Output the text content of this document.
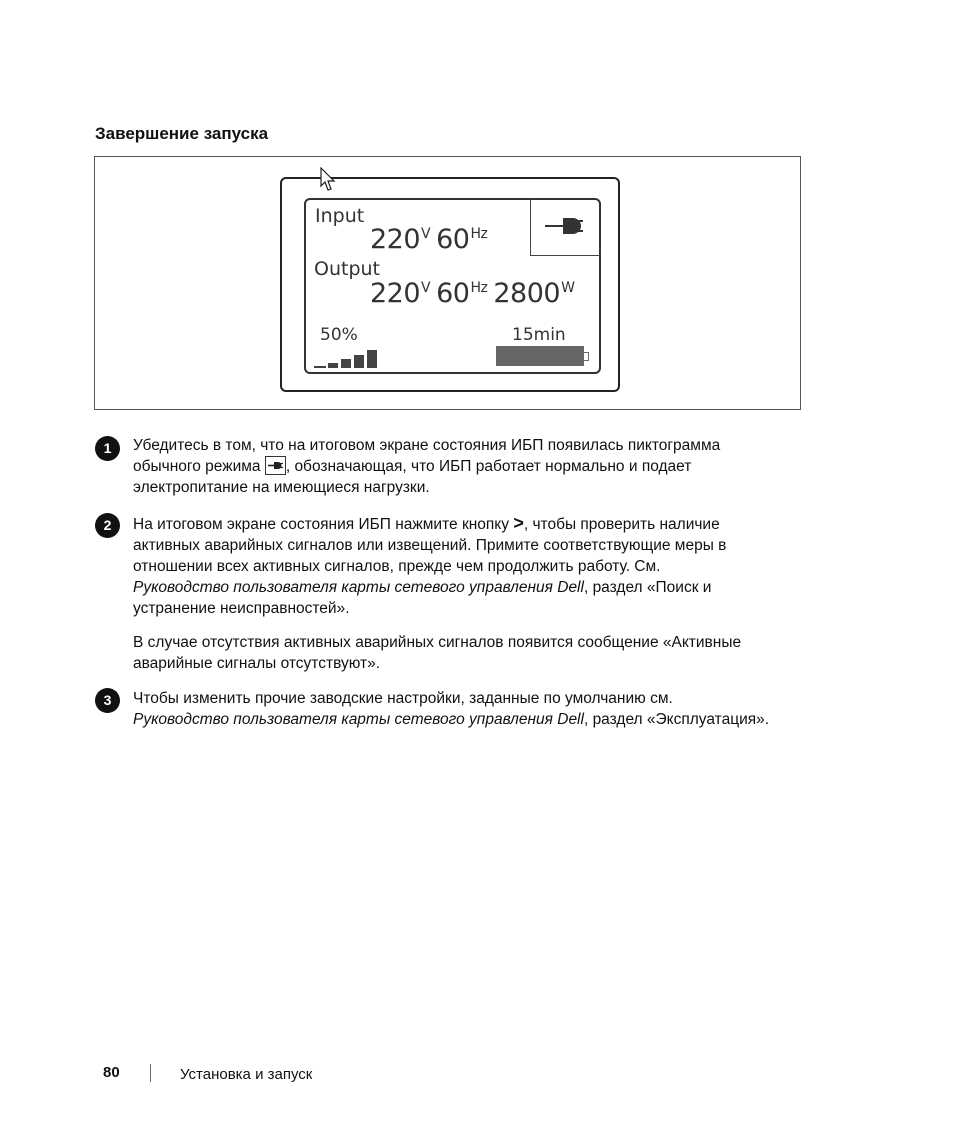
Завершение запуска
Input
$220^V$ $60^{Hz}$
Output
$220^V$ $60^{Hz}$ $2800^W$
50%	15min
1	Убедитесь в том, что на итоговом экране состояния ИБП появилась пиктограмма
обычного режима , обозначающая, что ИБП работает нормально и подает
электропитание на имеющиеся нагрузки.

2	На итоговом экране состояния ИБП нажмите кнопку >, чтобы проверить наличие
активных аварийных сигналов или извещений. Примите соответствующие меры в
отношении всех активных сигналов, прежде чем продолжить работу. См.
Руководство пользователя карты сетевого управления Dell, раздел «Поиск и
устранение неисправностей».

В случае отсутствия активных аварийных сигналов появится сообщение «Активные
аварийные сигналы отсутствуют».

3	Чтобы изменить прочие заводские настройки, заданные по умолчанию см.
Руководство пользователя карты сетевого управления Dell, раздел «Эксплуатация».

80	Установка и запуск
